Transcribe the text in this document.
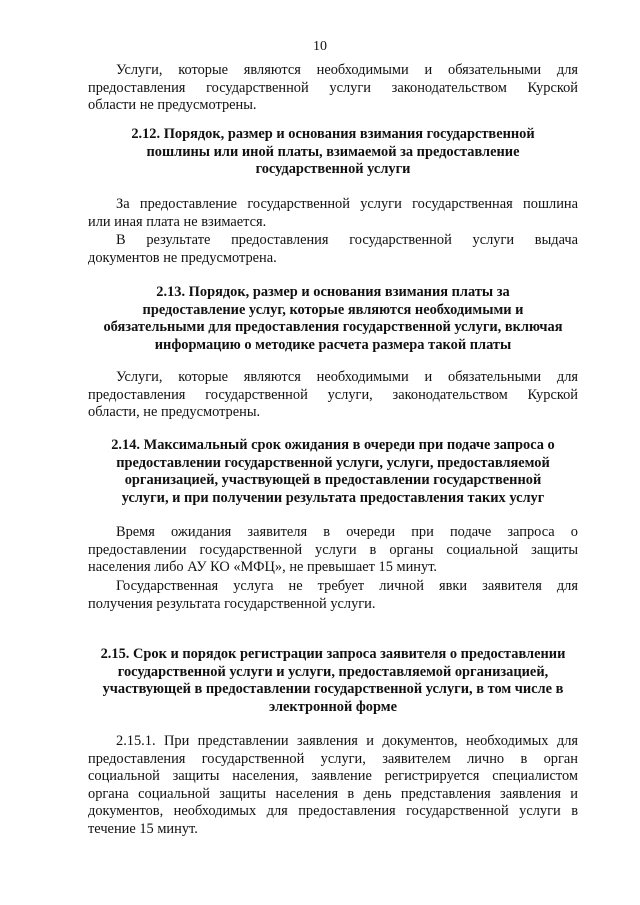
10
Услуги, которые являются необходимыми и обязательными для
предоставления государственной услуги законодательством Курской
области не предусмотрены.
2.12. Порядок, размер и основания взимания государственной
пошлины или иной платы, взимаемой за предоставление
государственной услуги
За предоставление государственной услуги государственная пошлина
или иная плата не взимается.
В результате предоставления государственной услуги выдача
документов не предусмотрена.
2.13. Порядок, размер и основания взимания платы за
предоставление услуг, которые являются необходимыми и
обязательными для предоставления государственной услуги, включая
информацию о методике расчета размера такой платы
Услуги, которые являются необходимыми и обязательными для
предоставления государственной услуги, законодательством Курской
области, не предусмотрены.
2.14. Максимальный срок ожидания в очереди при подаче запроса о
предоставлении государственной услуги, услуги, предоставляемой
организацией, участвующей в предоставлении государственной
услуги, и при получении результата предоставления таких услуг
Время ожидания заявителя в очереди при подаче запроса о
предоставлении государственной услуги в органы социальной защиты
населения либо АУ КО «МФЦ», не превышает 15 минут.
Государственная услуга не требует личной явки заявителя для
получения результата государственной услуги.
2.15. Срок и порядок регистрации запроса заявителя о предоставлении
государственной услуги и услуги, предоставляемой организацией,
участвующей в предоставлении государственной услуги, в том числе в
электронной форме
2.15.1. При представлении заявления и документов, необходимых для
предоставления государственной услуги, заявителем лично в орган
социальной защиты населения, заявление регистрируется специалистом
органа социальной защиты населения в день представления заявления и
документов, необходимых для предоставления государственной услуги в
течение 15 минут.
